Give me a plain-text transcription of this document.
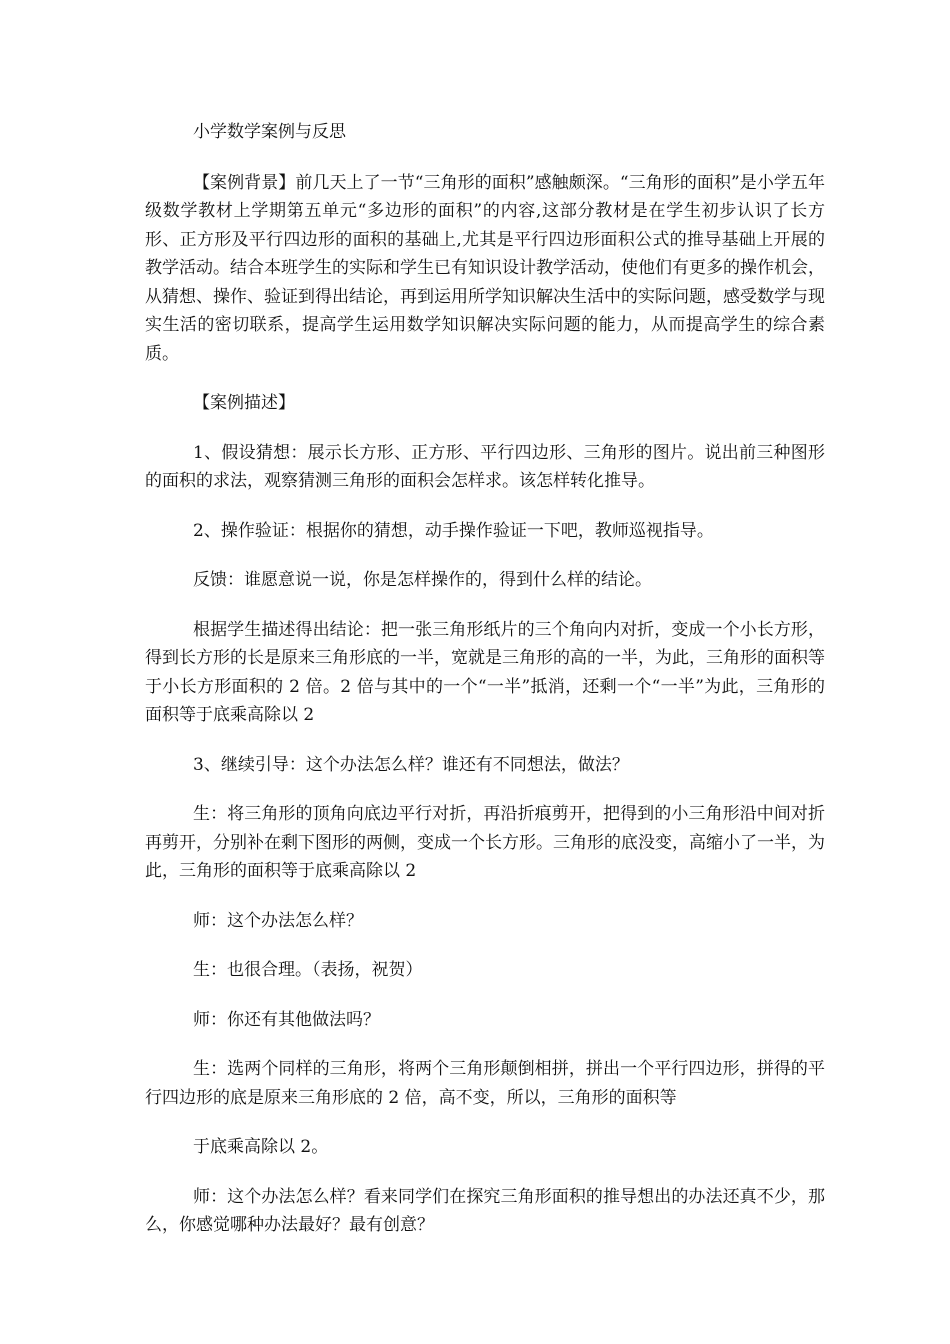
小学数学案例与反思

【案例背景】前几天上了一节“三角形的面积”感触颇深。“三角形的面积”是小学五年级数学教材上学期第五单元“多边形的面积”的内容,这部分教材是在学生初步认识了长方形、正方形及平行四边形的面积的基础上,尤其是平行四边形面积公式的推导基础上开展的教学活动。结合本班学生的实际和学生已有知识设计教学活动，使他们有更多的操作机会，从猜想、操作、验证到得出结论，再到运用所学知识解决生活中的实际问题，感受数学与现实生活的密切联系，提高学生运用数学知识解决实际问题的能力，从而提高学生的综合素质。

【案例描述】

1、假设猜想：展示长方形、正方形、平行四边形、三角形的图片。说出前三种图形的面积的求法，观察猜测三角形的面积会怎样求。该怎样转化推导。

2、操作验证：根据你的猜想，动手操作验证一下吧，教师巡视指导。

反馈：谁愿意说一说，你是怎样操作的，得到什么样的结论。

根据学生描述得出结论：把一张三角形纸片的三个角向内对折，变成一个小长方形，得到长方形的长是原来三角形底的一半，宽就是三角形的高的一半，为此，三角形的面积等于小长方形面积的 2 倍。2 倍与其中的一个“一半”抵消，还剩一个“一半”为此，三角形的面积等于底乘高除以 2

3、继续引导：这个办法怎么样？谁还有不同想法，做法？

生：将三角形的顶角向底边平行对折，再沿折痕剪开，把得到的小三角形沿中间对折再剪开，分别补在剩下图形的两侧，变成一个长方形。三角形的底没变，高缩小了一半，为此，三角形的面积等于底乘高除以 2

师：这个办法怎么样？

生：也很合理。（表扬，祝贺）

师：你还有其他做法吗？

生：选两个同样的三角形，将两个三角形颠倒相拼，拼出一个平行四边形，拼得的平行四边形的底是原来三角形底的 2 倍，高不变，所以，三角形的面积等

于底乘高除以 2。

师：这个办法怎么样？看来同学们在探究三角形面积的推导想出的办法还真不少，那么，你感觉哪种办法最好？最有创意？
